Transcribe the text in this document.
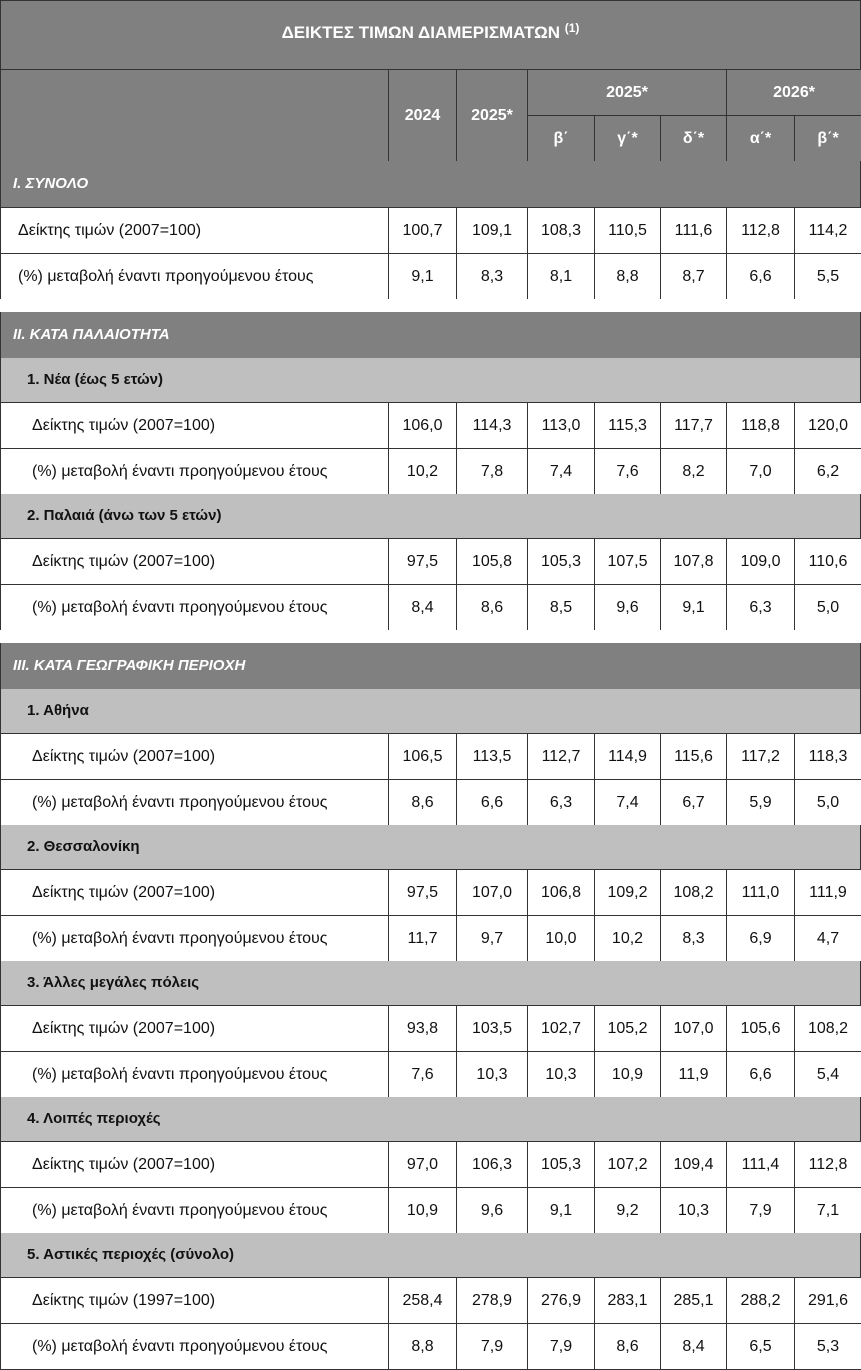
ΔΕΙΚΤΕΣ ΤΙΜΩΝ ΔΙΑΜΕΡΙΣΜΑΤΩΝ $^{(1)}$
	2024	2025*	2025*			2026*	
			β΄	γ΄*	δ΄*	α΄*	β΄*
Ι. ΣΥΝΟΛΟ
Δείκτης τιμών (2007=100)	100,7	109,1	108,3	110,5	111,6	112,8	114,2
(%) μεταβολή έναντι προηγούμενου έτους	9,1	8,3	8,1	8,8	8,7	6,6	5,5
ΙΙ. ΚΑΤΑ ΠΑΛΑΙΟΤΗΤΑ
1. Νέα (έως 5 ετών)
Δείκτης τιμών (2007=100)	106,0	114,3	113,0	115,3	117,7	118,8	120,0
(%) μεταβολή έναντι προηγούμενου έτους	10,2	7,8	7,4	7,6	8,2	7,0	6,2
2. Παλαιά (άνω των 5 ετών)
Δείκτης τιμών (2007=100)	97,5	105,8	105,3	107,5	107,8	109,0	110,6
(%) μεταβολή έναντι προηγούμενου έτους	8,4	8,6	8,5	9,6	9,1	6,3	5,0
ΙΙΙ. ΚΑΤΑ ΓΕΩΓΡΑΦΙΚΗ ΠΕΡΙΟΧΗ
1. Αθήνα
Δείκτης τιμών (2007=100)	106,5	113,5	112,7	114,9	115,6	117,2	118,3
(%) μεταβολή έναντι προηγούμενου έτους	8,6	6,6	6,3	7,4	6,7	5,9	5,0
2. Θεσσαλονίκη
Δείκτης τιμών (2007=100)	97,5	107,0	106,8	109,2	108,2	111,0	111,9
(%) μεταβολή έναντι προηγούμενου έτους	11,7	9,7	10,0	10,2	8,3	6,9	4,7
3. Άλλες μεγάλες πόλεις
Δείκτης τιμών (2007=100)	93,8	103,5	102,7	105,2	107,0	105,6	108,2
(%) μεταβολή έναντι προηγούμενου έτους	7,6	10,3	10,3	10,9	11,9	6,6	5,4
4. Λοιπές περιοχές
Δείκτης τιμών (2007=100)	97,0	106,3	105,3	107,2	109,4	111,4	112,8
(%) μεταβολή έναντι προηγούμενου έτους	10,9	9,6	9,1	9,2	10,3	7,9	7,1
5. Αστικές περιοχές (σύνολο)
Δείκτης τιμών (1997=100)	258,4	278,9	276,9	283,1	285,1	288,2	291,6
(%) μεταβολή έναντι προηγούμενου έτους	8,8	7,9	7,9	8,6	8,4	6,5	5,3
